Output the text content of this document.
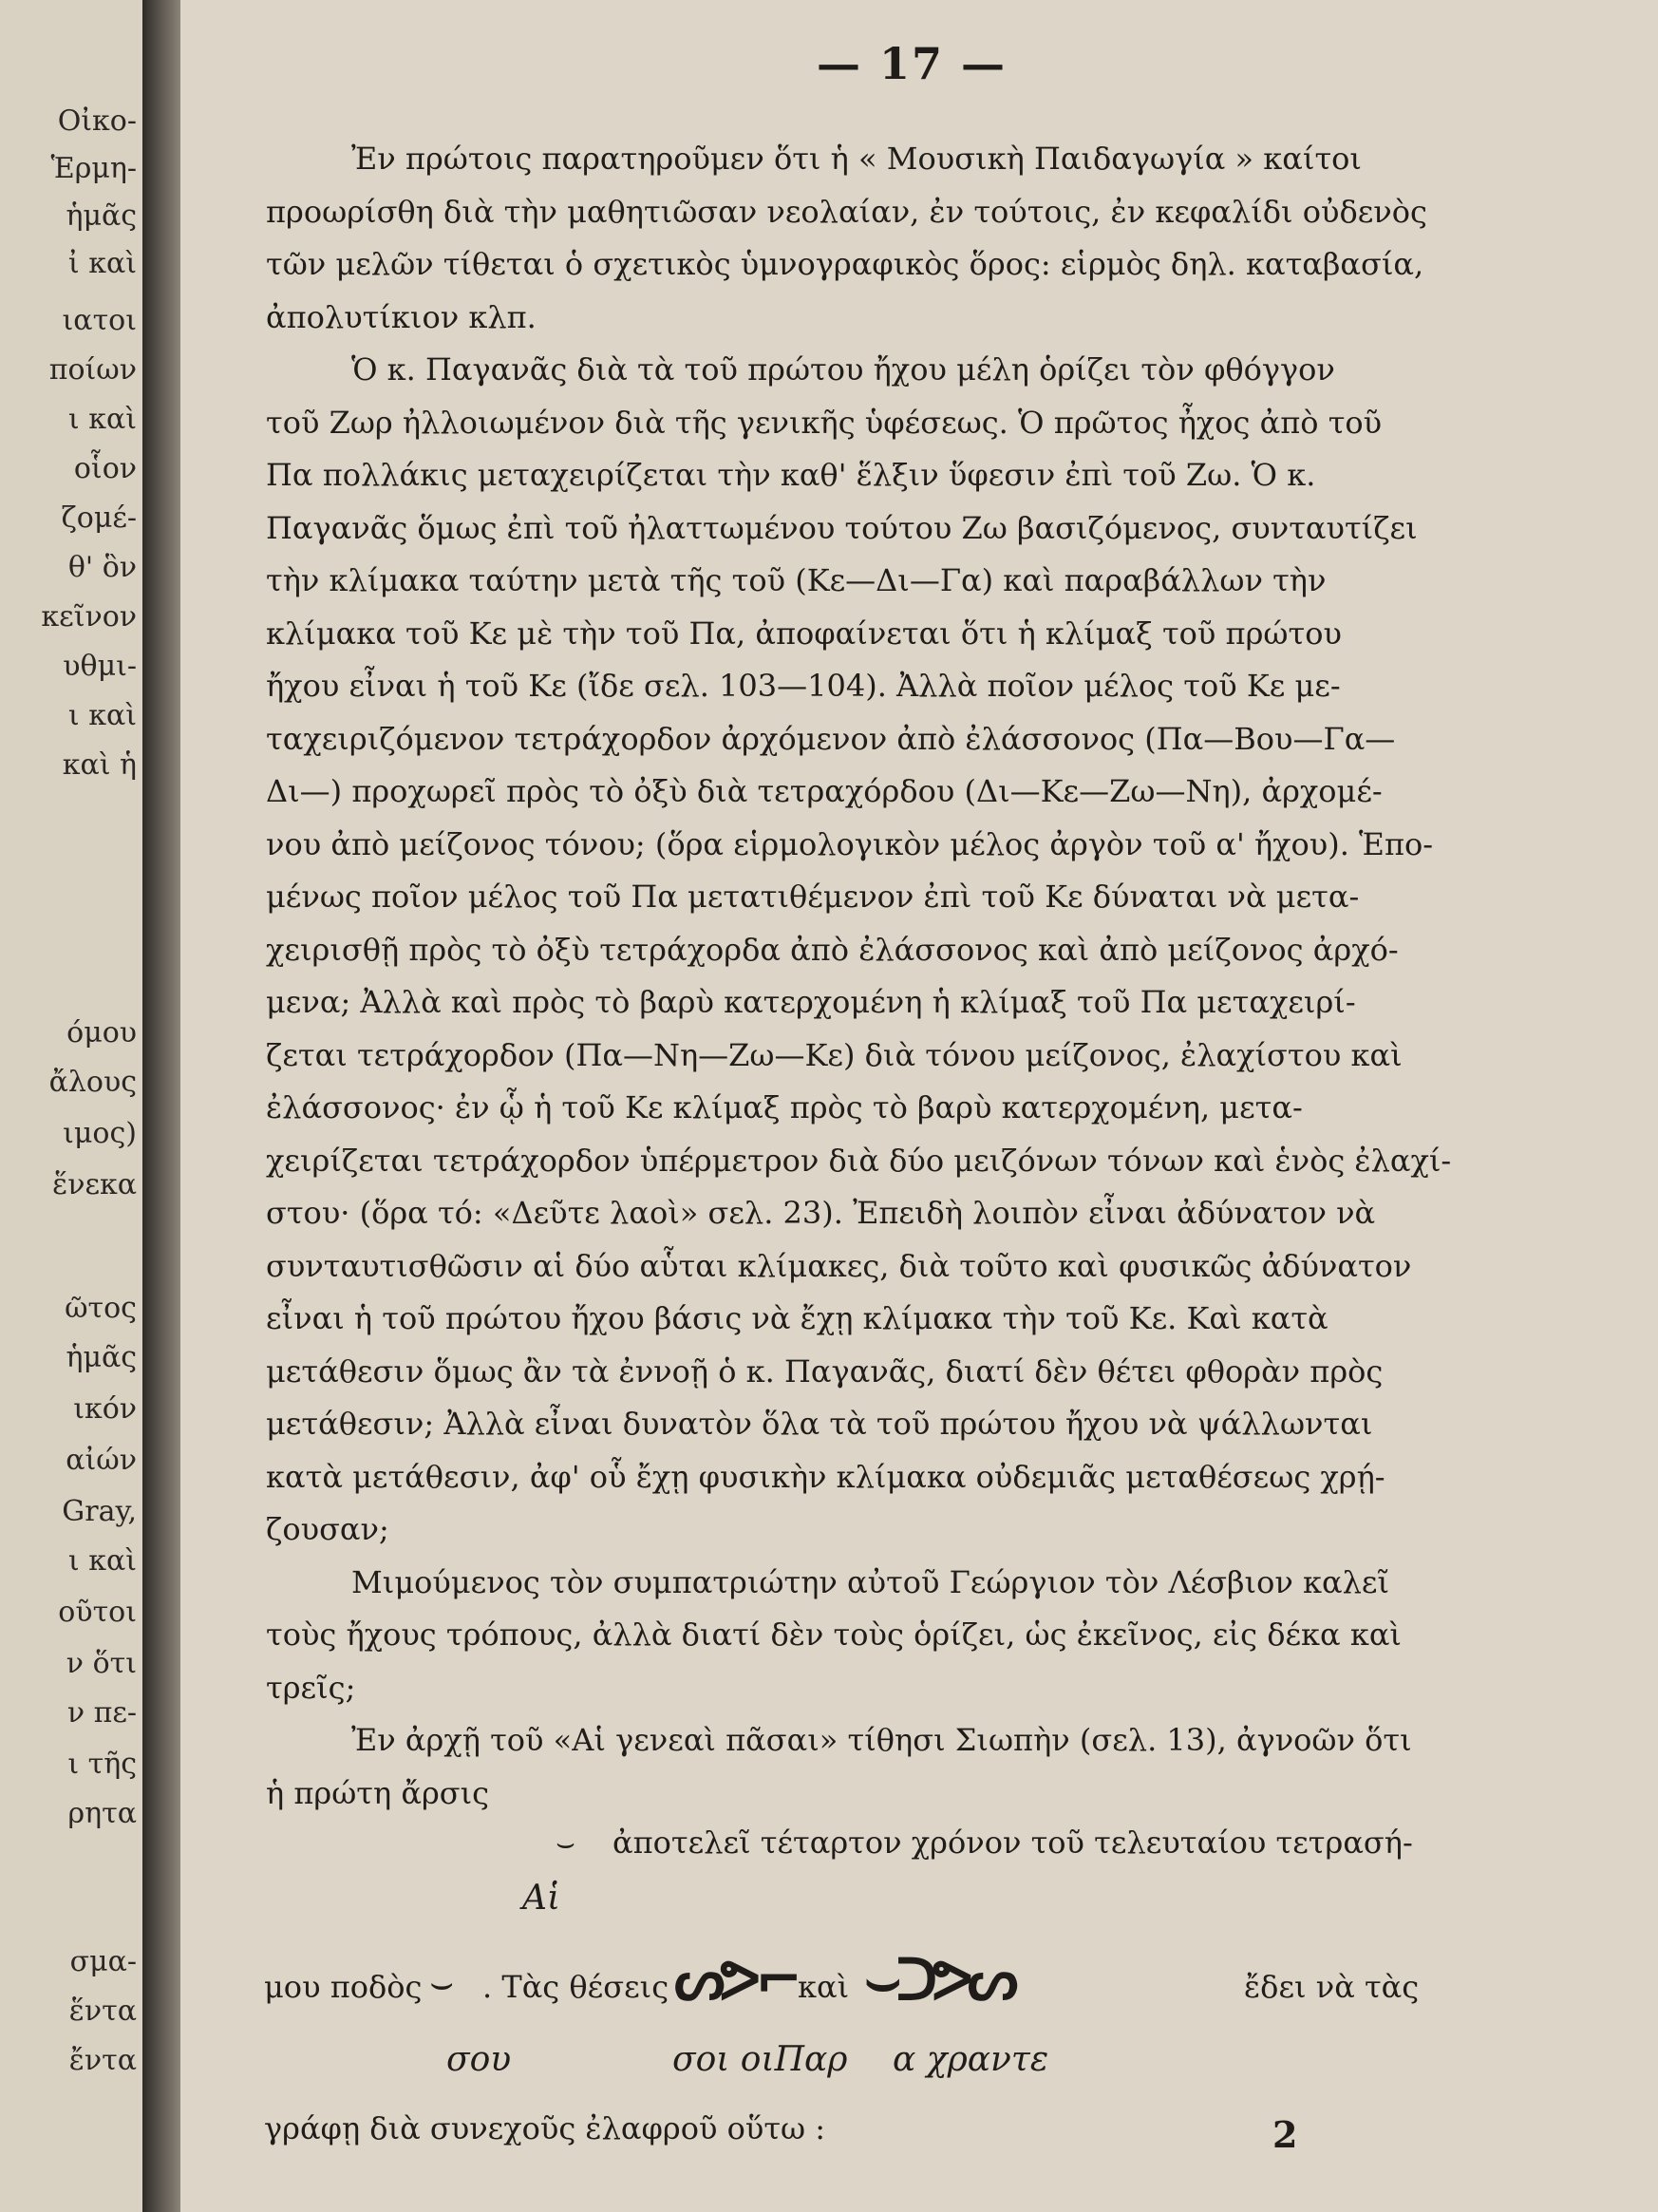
Οἰκο-
Ἑρμη-
ἡμᾶς
ἰ καὶ
ιατοι
ποίων
ι καὶ
οἷον
ζομέ-
θ' ὃν
κεῖνον
υθμι-
ι καὶ
καὶ ἡ
όμου
ἄλους
ιμος)
ἕνεκα
ῶτος
ἡμᾶς
ικόν
αἰών
Gray,
ι καὶ
οῦτοι
ν ὅτι
ν πε-
ι τῆς
ρητα
σμα-
ἕντα
ἔντα
— 17 —
Ἐν πρώτοις παρατηροῦμεν ὅτι ἡ « Μουσικὴ Παιδαγωγία » καίτοι
προωρίσθη διὰ τὴν μαθητιῶσαν νεολαίαν, ἐν τούτοις, ἐν κεφαλίδι οὐδενὸς
τῶν μελῶν τίθεται ὁ σχετικὸς ὑμνογραφικὸς ὅρος: εἱρμὸς δηλ. καταβασία,
ἀπολυτίκιον κλπ.
Ὁ κ. Παγανᾶς διὰ τὰ τοῦ πρώτου ἤχου μέλη ὁρίζει τὸν φθόγγον
τοῦ Ζωρ ἠλλοιωμένον διὰ τῆς γενικῆς ὑφέσεως. Ὁ πρῶτος ἦχος ἀπὸ τοῦ
Πα πολλάκις μεταχειρίζεται τὴν καθ' ἕλξιν ὕφεσιν ἐπὶ τοῦ Ζω. Ὁ κ.
Παγανᾶς ὅμως ἐπὶ τοῦ ἠλαττωμένου τούτου Ζω βασιζόμενος, συνταυτίζει
τὴν κλίμακα ταύτην μετὰ τῆς τοῦ (Κε—Δι—Γα) καὶ παραβάλλων τὴν
κλίμακα τοῦ Κε μὲ τὴν τοῦ Πα, ἀποφαίνεται ὅτι ἡ κλίμαξ τοῦ πρώτου
ἤχου εἶναι ἡ τοῦ Κε (ἴδε σελ. 103—104). Ἀλλὰ ποῖον μέλος τοῦ Κε με-
ταχειριζόμενον τετράχορδον ἀρχόμενον ἀπὸ ἐλάσσονος (Πα—Βου—Γα—
Δι—) προχωρεῖ πρὸς τὸ ὀξὺ διὰ τετραχόρδου (Δι—Κε—Ζω—Νη), ἀρχομέ-
νου ἀπὸ μείζονος τόνου; (ὅρα εἱρμολογικὸν μέλος ἀργὸν τοῦ α' ἤχου). Ἑπο-
μένως ποῖον μέλος τοῦ Πα μετατιθέμενον ἐπὶ τοῦ Κε δύναται νὰ μετα-
χειρισθῇ πρὸς τὸ ὀξὺ τετράχορδα ἀπὸ ἐλάσσονος καὶ ἀπὸ μείζονος ἀρχό-
μενα; Ἀλλὰ καὶ πρὸς τὸ βαρὺ κατερχομένη ἡ κλίμαξ τοῦ Πα μεταχειρί-
ζεται τετράχορδον (Πα—Νη—Ζω—Κε) διὰ τόνου μείζονος, ἐλαχίστου καὶ
ἐλάσσονος· ἐν ᾧ ἡ τοῦ Κε κλίμαξ πρὸς τὸ βαρὺ κατερχομένη, μετα-
χειρίζεται τετράχορδον ὑπέρμετρον διὰ δύο μειζόνων τόνων καὶ ἑνὸς ἐλαχί-
στου· (ὅρα τό: «Δεῦτε λαοὶ» σελ. 23). Ἐπειδὴ λοιπὸν εἶναι ἀδύνατον νὰ
συνταυτισθῶσιν αἱ δύο αὗται κλίμακες, διὰ τοῦτο καὶ φυσικῶς ἀδύνατον
εἶναι ἡ τοῦ πρώτου ἤχου βάσις νὰ ἔχῃ κλίμακα τὴν τοῦ Κε. Καὶ κατὰ
μετάθεσιν ὅμως ἂν τὰ ἐννοῇ ὁ κ. Παγανᾶς, διατί δὲν θέτει φθορὰν πρὸς
μετάθεσιν; Ἀλλὰ εἶναι δυνατὸν ὅλα τὰ τοῦ πρώτου ἤχου νὰ ψάλλωνται
κατὰ μετάθεσιν, ἀφ' οὗ ἔχῃ φυσικὴν κλίμακα οὐδεμιᾶς μεταθέσεως χρῄ-
ζουσαν;
Μιμούμενος τὸν συμπατριώτην αὐτοῦ Γεώργιον τὸν Λέσβιον καλεῖ
τοὺς ἤχους τρόπους, ἀλλὰ διατί δὲν τοὺς ὁρίζει, ὡς ἐκεῖνος, εἰς δέκα καὶ
τρεῖς;
Ἐν ἀρχῇ τοῦ «Αἱ γενεαὶ πᾶσαι» τίθησι Σιωπὴν (σελ. 13), ἀγνοῶν ὅτι
ἡ πρώτη ἄρσις
⌣ ἀποτελεῖ τέταρτον χρόνον τοῦ τελευταίου τετρασή-
Αἱ
μου ποδὸς ⌣ . Τὰς θέσεις ᔕᕗ⌐ καὶ ⌣ᑐᕗᔕ	ἔδει νὰ τὰς
σου	σοι οιΠαρ α χραντε
γράφῃ διὰ συνεχοῦς ἐλαφροῦ οὕτω :	2
